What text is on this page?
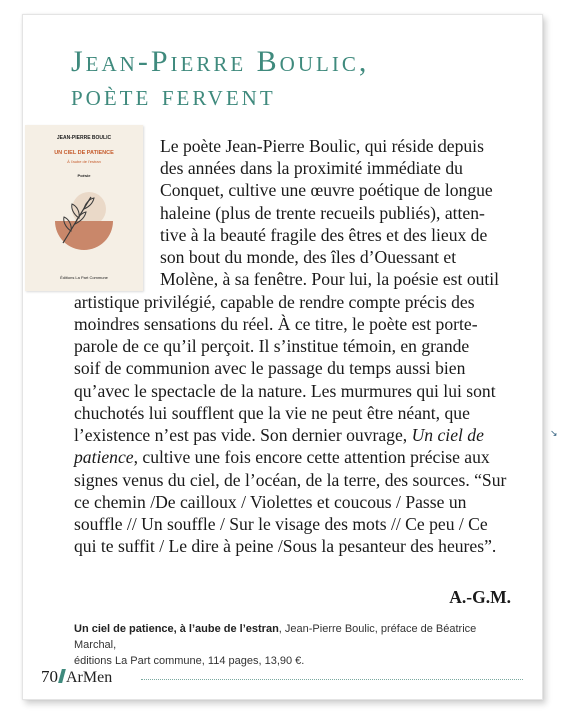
Jean-Pierre Boulic,
poète fervent
JEAN-PIERRE BOULIC
UN CIEL DE PATIENCE
À l'aube de l'estran
Poésie
Éditions La Part Commune
Le poète Jean-Pierre Boulic, qui réside depuis
des années dans la proximité immédiate du
Conquet, cultive une œuvre poétique de longue
haleine (plus de trente recueils publiés), atten-
tive à la beauté fragile des êtres et des lieux de
son bout du monde, des îles d’Ouessant et
Molène, à sa fenêtre. Pour lui, la poésie est outil
artistique privilégié, capable de rendre compte précis des
moindres sensations du réel. À ce titre, le poète est porte-
parole de ce qu’il perçoit. Il s’institue témoin, en grande
soif de communion avec le passage du temps aussi bien
qu’avec le spectacle de la nature. Les murmures qui lui sont
chuchotés lui soufflent que la vie ne peut être néant, que
l’existence n’est pas vide. Son dernier ouvrage, Un ciel de
patience, cultive une fois encore cette attention précise aux
signes venus du ciel, de l’océan, de la terre, des sources. “Sur
ce chemin /De cailloux / Violettes et coucous / Passe un
souffle // Un souffle / Sur le visage des mots // Ce peu / Ce
qui te suffit / Le dire à peine /Sous la pesanteur des heures”.
A.-G.M.
Un ciel de patience, à l’aube de l’estran, Jean-Pierre Boulic, préface de Béatrice Marchal,
éditions La Part commune, 114 pages, 13,90 €.
70 ArMen
↘
